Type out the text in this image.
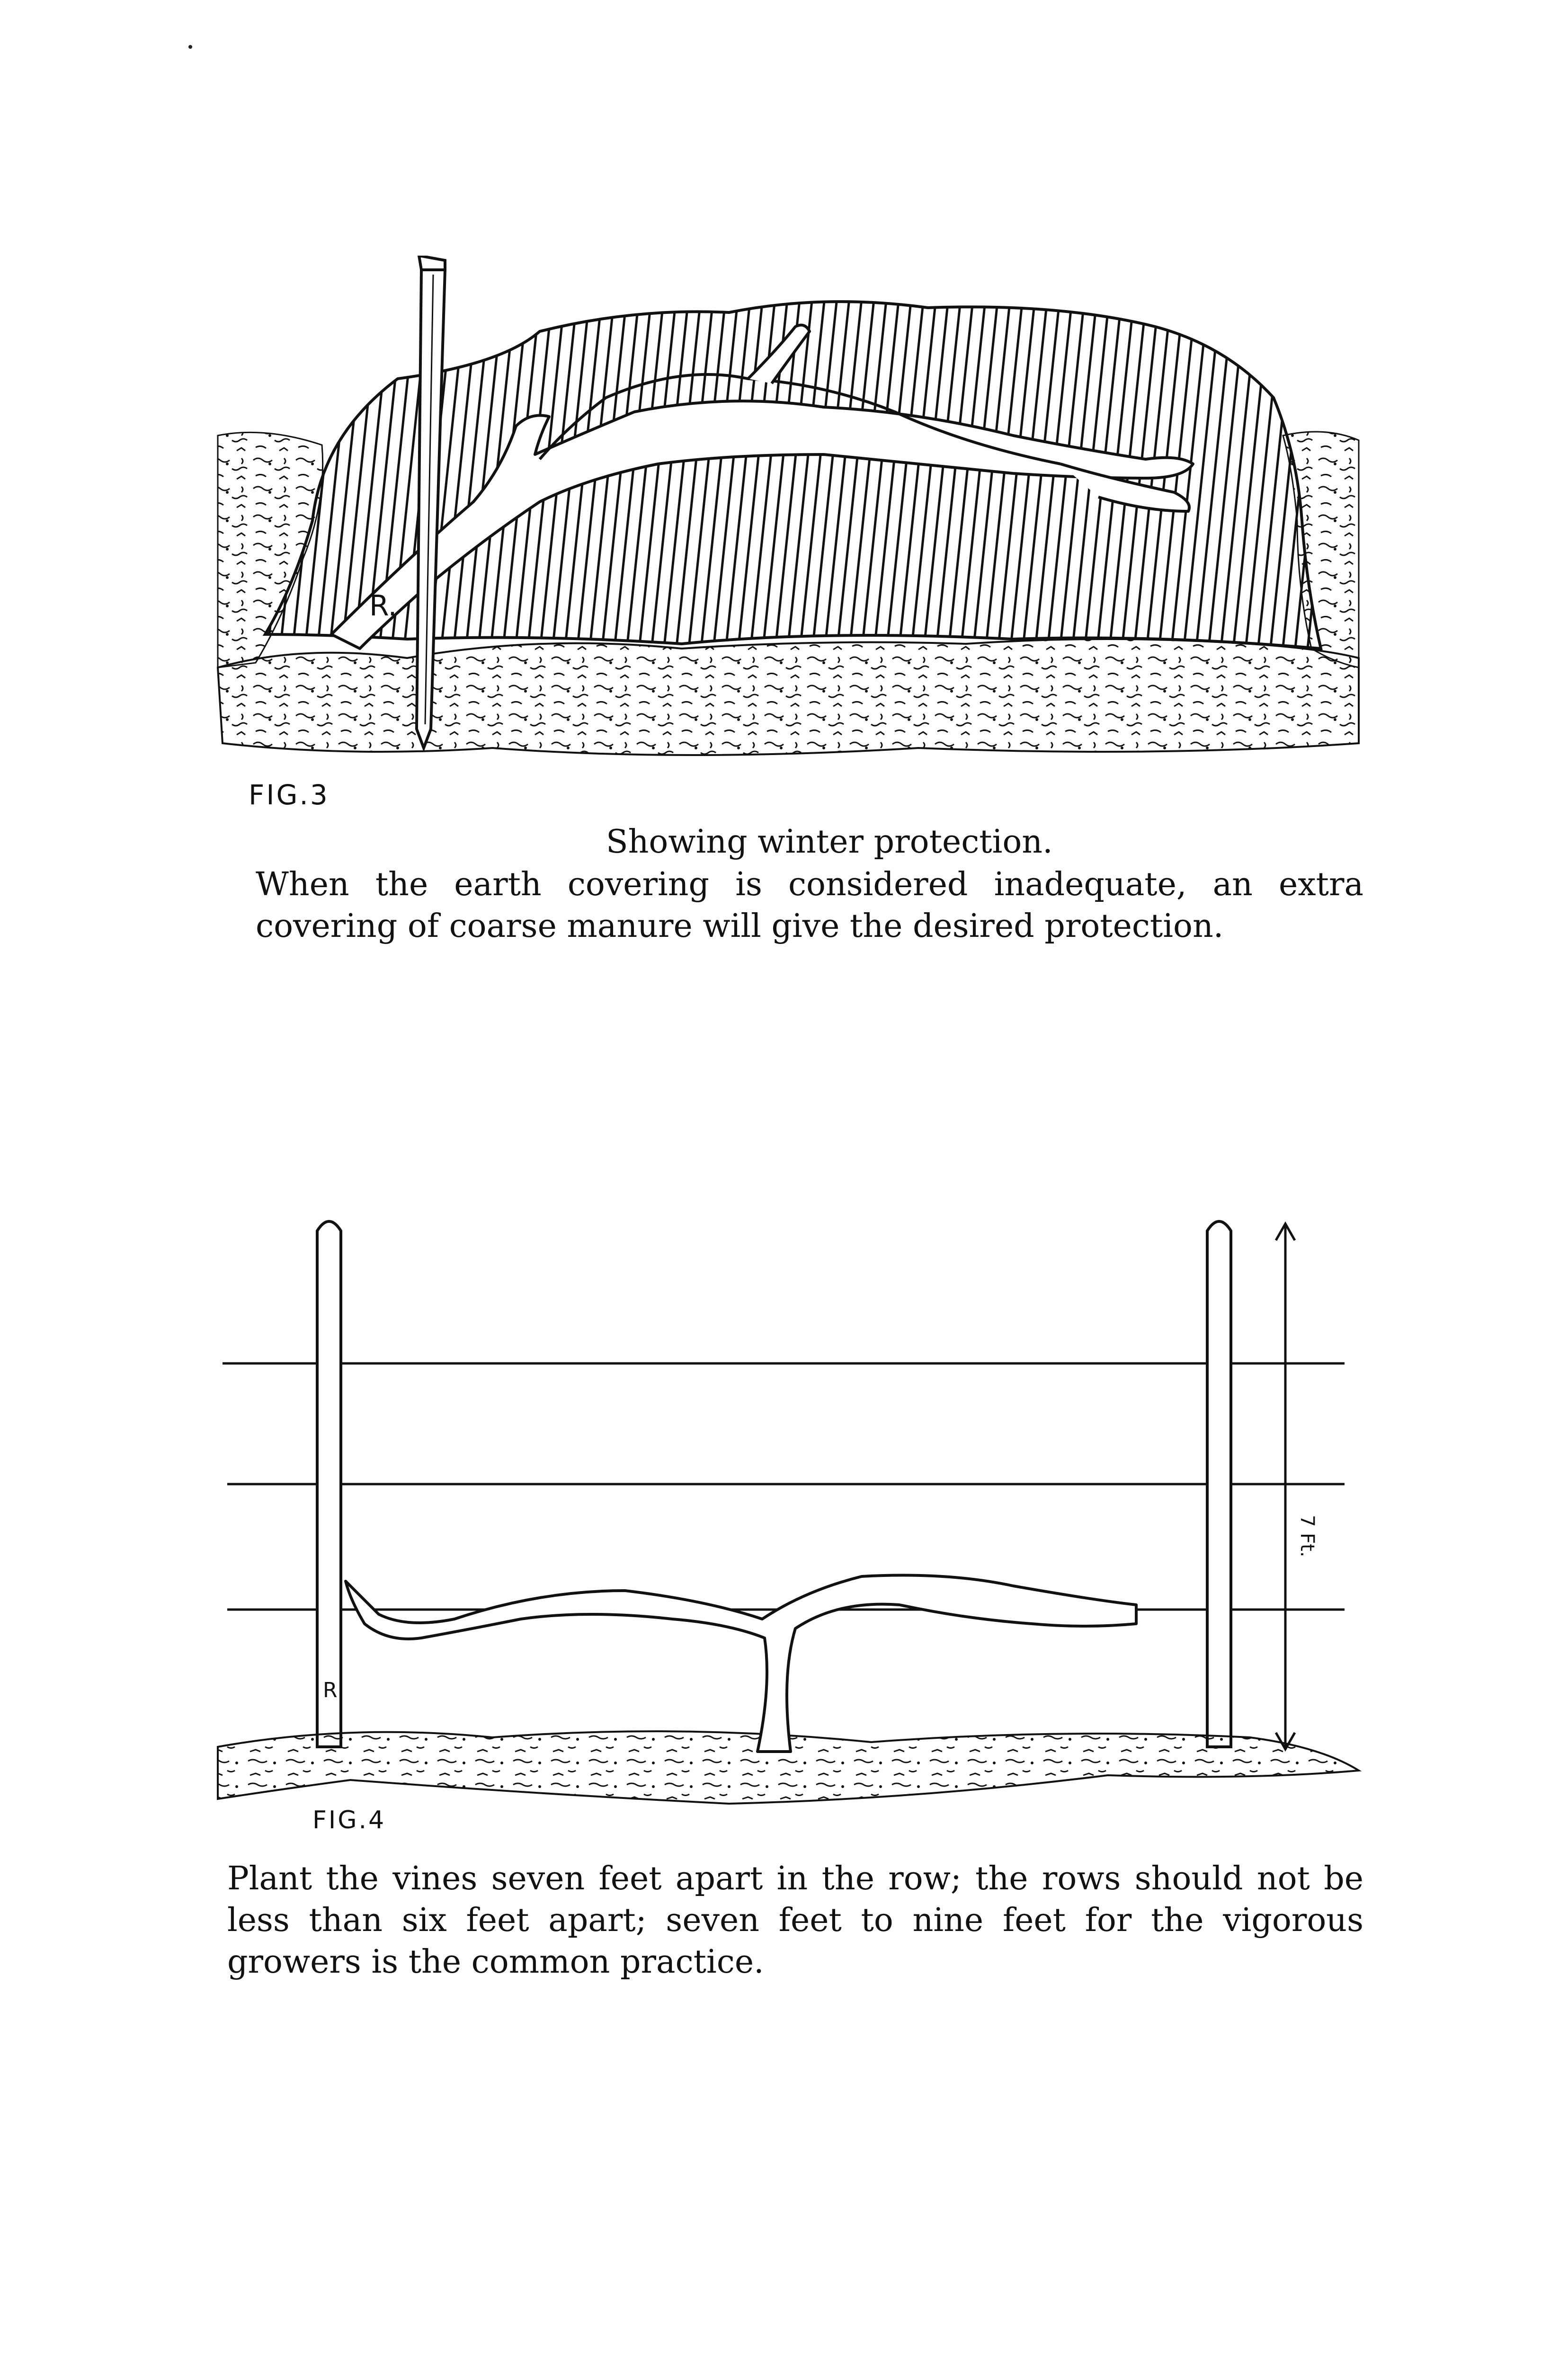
R.
FIG.3

Showing winter protection.

When the earth covering is considered inadequate, an extra covering of coarse manure will give the desired protection.

R
7 Ft.
FIG.4

Plant the vines seven feet apart in the row; the rows should not be less than six feet apart; seven feet to nine feet for the vigorous growers is the common practice.
